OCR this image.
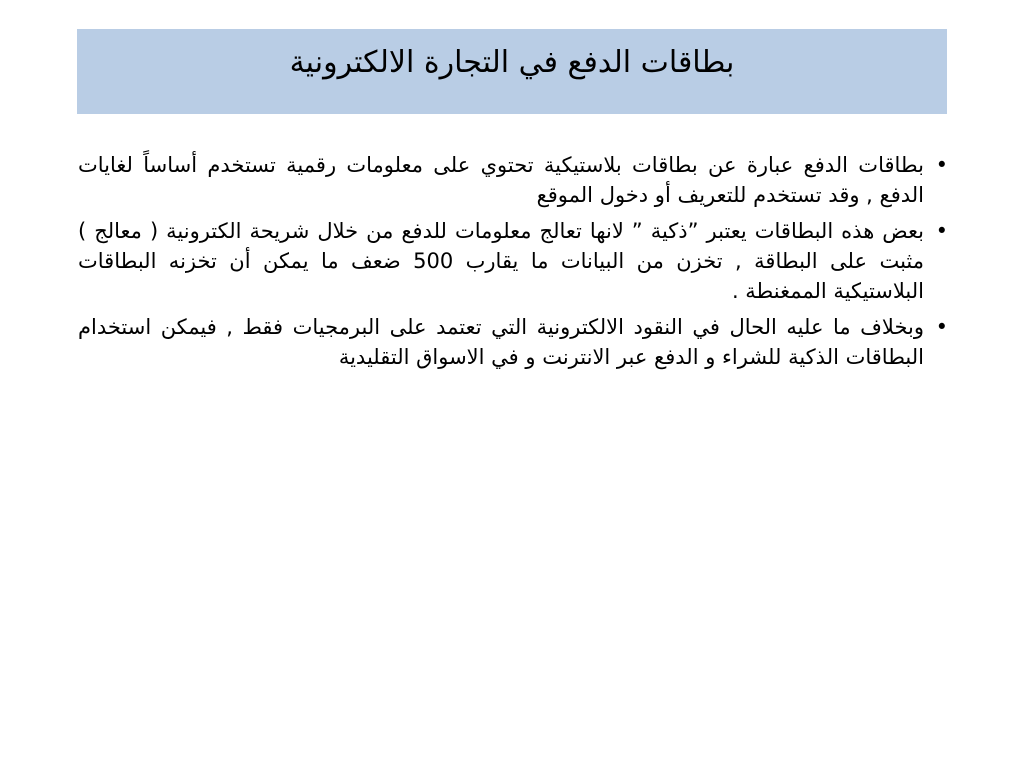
بطاقات الدفع في التجارة الالكترونية
•
بطاقات الدفع عبارة عن بطاقات بلاستيكية تحتوي على معلومات رقمية تستخدم أساساً لغايات الدفع , وقد تستخدم للتعريف أو دخول الموقع
•
بعض هذه البطاقات يعتبر ”ذكية ” لانها تعالج معلومات للدفع من خلال شريحة الكترونية ( معالج ) مثبت على البطاقة , تخزن من البيانات ما يقارب 500 ضعف ما يمكن أن تخزنه البطاقات البلاستيكية الممغنطة .
•
وبخلاف ما عليه الحال في النقود الالكترونية التي تعتمد على البرمجيات فقط , فيمكن استخدام البطاقات الذكية للشراء و الدفع عبر الانترنت و في الاسواق التقليدية
